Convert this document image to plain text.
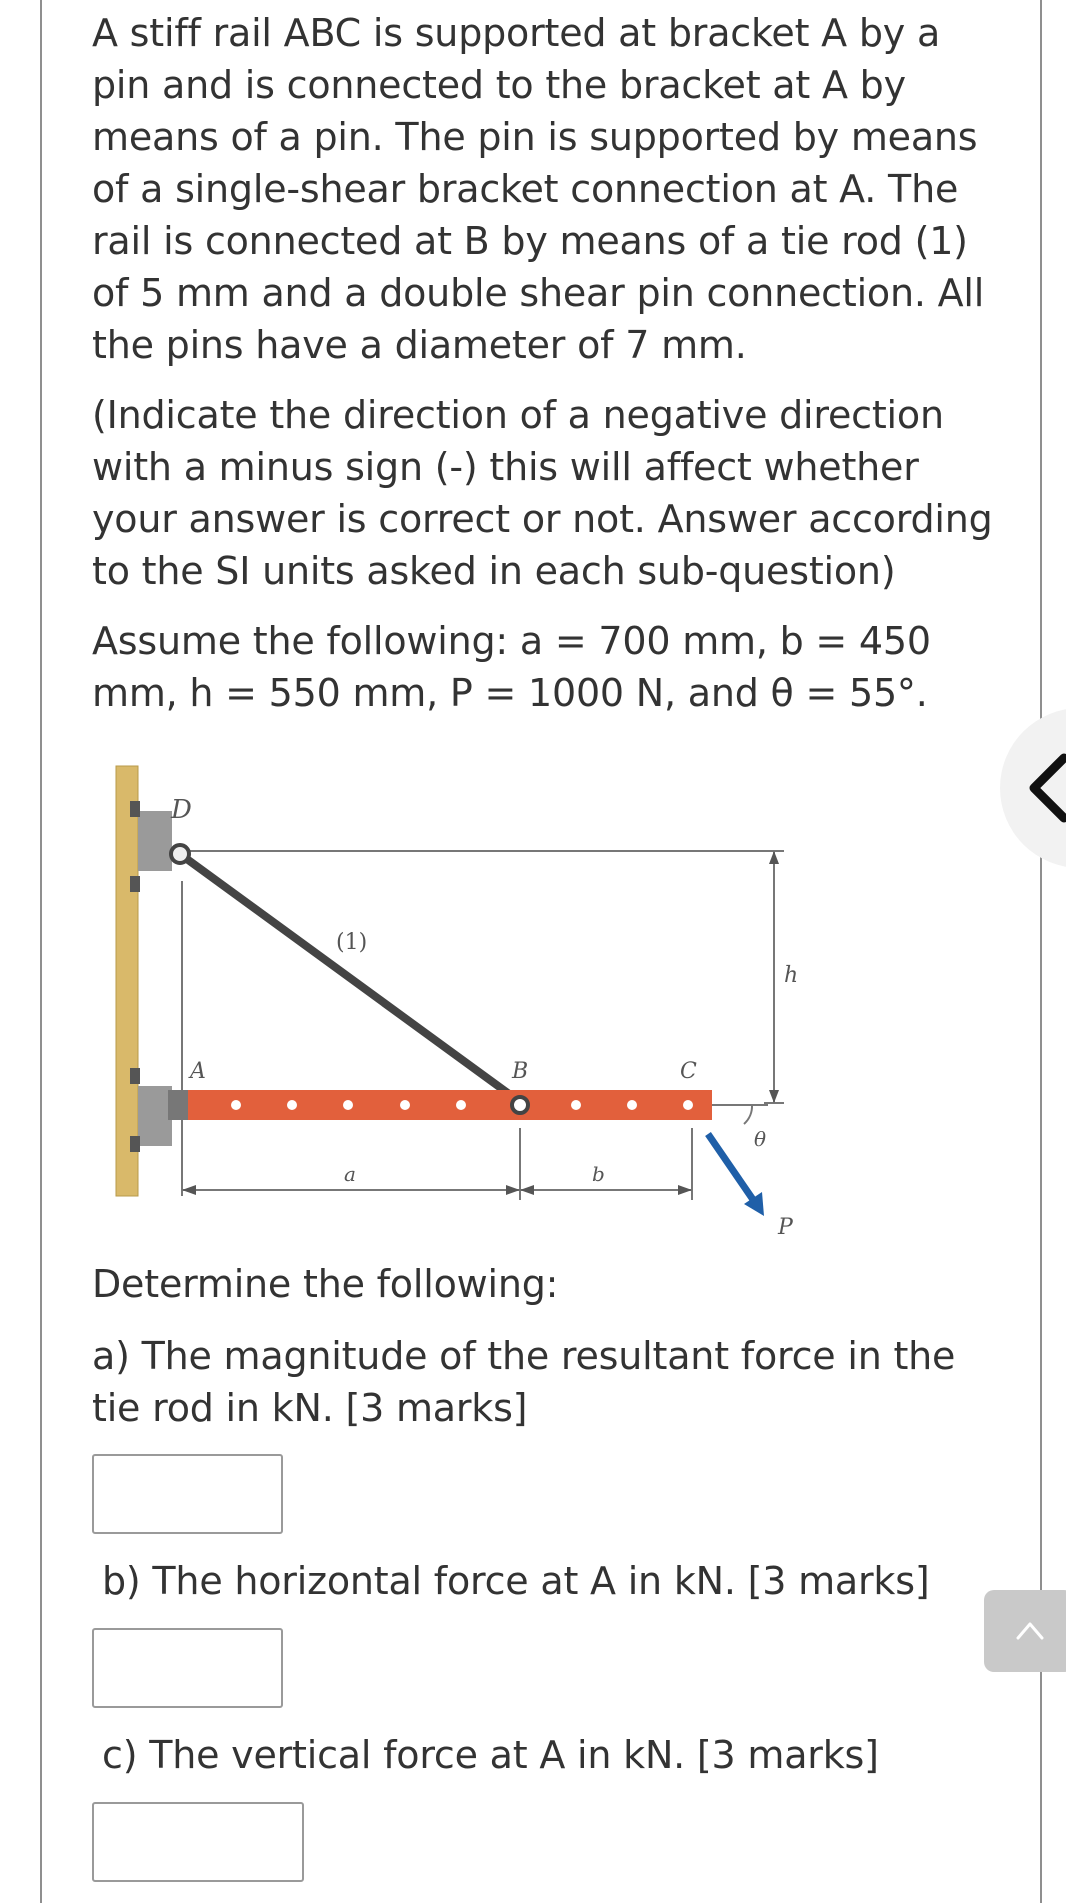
A stiff rail ABC is supported at bracket A by a pin and is connected to the bracket at A by means of a pin. The pin is supported by means of a single-shear bracket connection at A. The rail is connected at B by means of a tie rod (1) of 5 mm and a double shear pin connection. All the pins have a diameter of 7 mm.

(Indicate the direction of a negative direction with a minus sign (-) this will affect whether your answer is correct or not. Answer according to the SI units asked in each sub-question)

Assume the following: a = 700 mm, b = 450 mm, h = 550 mm, P = 1000 N, and θ = 55°.

Determine the following:

a) The magnitude of the resultant force in the tie rod in kN. [3 marks]

b) The horizontal force at A in kN. [3 marks]

c) The vertical force at A in kN. [3 marks]

D
(1)
h
A	B	C
θ
a	b
P
